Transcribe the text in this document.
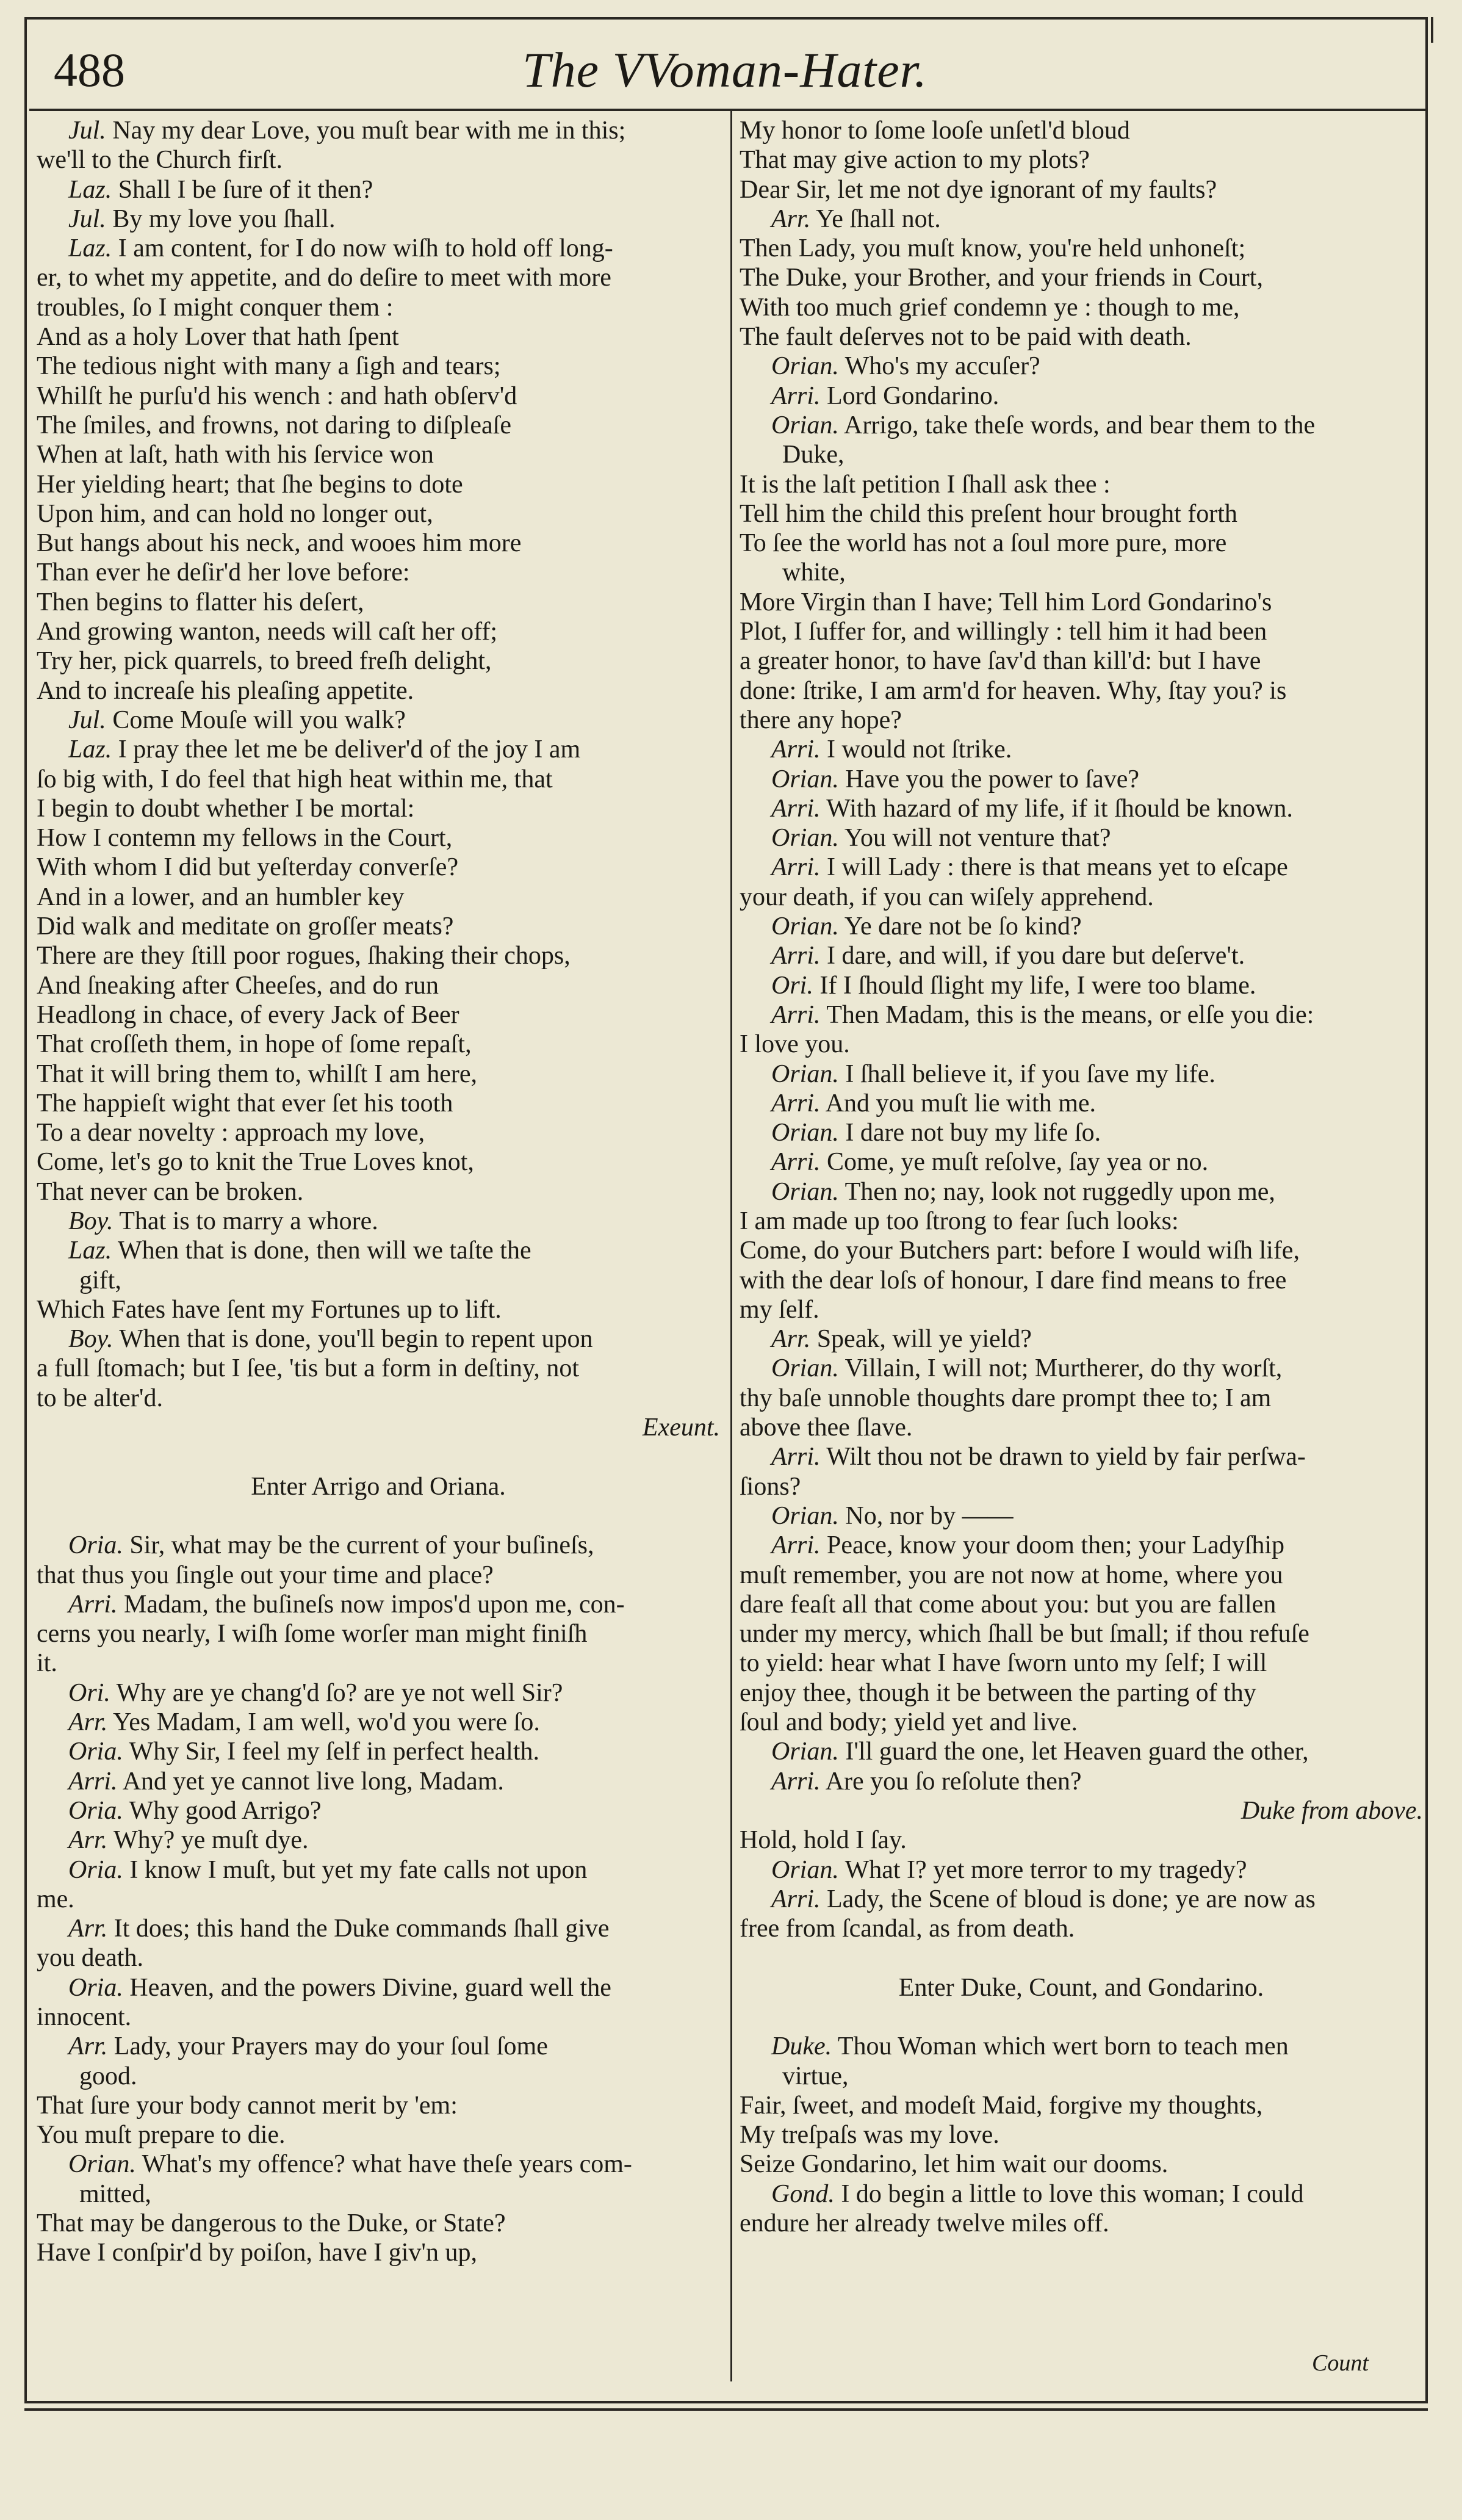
488	The VVoman-Hater.

Jul. Nay my dear Love, you muſt bear with me in this;

we'll to the Church firſt.

Laz. Shall I be ſure of it then?

Jul. By my love you ſhall.

Laz. I am content, for I do now wiſh to hold off long-

er, to whet my appetite, and do deſire to meet with more

troubles, ſo I might conquer them :

And as a holy Lover that hath ſpent

The tedious night with many a ſigh and tears;

Whilſt he purſu'd his wench : and hath obſerv'd

The ſmiles, and frowns, not daring to diſpleaſe

When at laſt, hath with his ſervice won

Her yielding heart; that ſhe begins to dote

Upon him, and can hold no longer out,

But hangs about his neck, and wooes him more

Than ever he deſir'd her love before:

Then begins to flatter his deſert,

And growing wanton, needs will caſt her off;

Try her, pick quarrels, to breed freſh delight,

And to increaſe his pleaſing appetite.

Jul. Come Mouſe will you walk?

Laz. I pray thee let me be deliver'd of the joy I am

ſo big with, I do feel that high heat within me, that

I begin to doubt whether I be mortal:

How I contemn my fellows in the Court,

With whom I did but yeſterday converſe?

And in a lower, and an humbler key

Did walk and meditate on groſſer meats?

There are they ſtill poor rogues, ſhaking their chops,

And ſneaking after Cheeſes, and do run

Headlong in chace, of every Jack of Beer

That croſſeth them, in hope of ſome repaſt,

That it will bring them to, whilſt I am here,

The happieſt wight that ever ſet his tooth

To a dear novelty : approach my love,

Come, let's go to knit the True Loves knot,

That never can be broken.

Boy. That is to marry a whore.

Laz. When that is done, then will we taſte the

gift,

Which Fates have ſent my Fortunes up to lift.

Boy. When that is done, you'll begin to repent upon

a full ſtomach; but I ſee, 'tis but a form in deſtiny, not

to be alter'd.

Exeunt.

Enter Arrigo and Oriana.

Oria. Sir, what may be the current of your buſineſs,

that thus you ſingle out your time and place?

Arri. Madam, the buſineſs now impos'd upon me, con-

cerns you nearly, I wiſh ſome worſer man might finiſh

it.

Ori. Why are ye chang'd ſo? are ye not well Sir?

Arr. Yes Madam, I am well, wo'd you were ſo.

Oria. Why Sir, I feel my ſelf in perfect health.

Arri. And yet ye cannot live long, Madam.

Oria. Why good Arrigo?

Arr. Why? ye muſt dye.

Oria. I know I muſt, but yet my fate calls not upon

me.

Arr. It does; this hand the Duke commands ſhall give

you death.

Oria. Heaven, and the powers Divine, guard well the

innocent.

Arr. Lady, your Prayers may do your ſoul ſome

good.

That ſure your body cannot merit by 'em:

You muſt prepare to die.

Orian. What's my offence? what have theſe years com-

mitted,

That may be dangerous to the Duke, or State?

Have I conſpir'd by poiſon, have I giv'n up,

My honor to ſome looſe unſetl'd bloud

That may give action to my plots?

Dear Sir, let me not dye ignorant of my faults?

Arr. Ye ſhall not.

Then Lady, you muſt know, you're held unhoneſt;

The Duke, your Brother, and your friends in Court,

With too much grief condemn ye : though to me,

The fault deſerves not to be paid with death.

Orian. Who's my accuſer?

Arri. Lord Gondarino.

Orian. Arrigo, take theſe words, and bear them to the

Duke,

It is the laſt petition I ſhall ask thee :

Tell him the child this preſent hour brought forth

To ſee the world has not a ſoul more pure, more

white,

More Virgin than I have; Tell him Lord Gondarino's

Plot, I ſuffer for, and willingly : tell him it had been

a greater honor, to have ſav'd than kill'd: but I have

done: ſtrike, I am arm'd for heaven. Why, ſtay you? is

there any hope?

Arri. I would not ſtrike.

Orian. Have you the power to ſave?

Arri. With hazard of my life, if it ſhould be known.

Orian. You will not venture that?

Arri. I will Lady : there is that means yet to eſcape

your death, if you can wiſely apprehend.

Orian. Ye dare not be ſo kind?

Arri. I dare, and will, if you dare but deſerve't.

Ori. If I ſhould ſlight my life, I were too blame.

Arri. Then Madam, this is the means, or elſe you die:

I love you.

Orian. I ſhall believe it, if you ſave my life.

Arri. And you muſt lie with me.

Orian. I dare not buy my life ſo.

Arri. Come, ye muſt reſolve, ſay yea or no.

Orian. Then no; nay, look not ruggedly upon me,

I am made up too ſtrong to fear ſuch looks:

Come, do your Butchers part: before I would wiſh life,

with the dear loſs of honour, I dare find means to free

my ſelf.

Arr. Speak, will ye yield?

Orian. Villain, I will not; Murtherer, do thy worſt,

thy baſe unnoble thoughts dare prompt thee to; I am

above thee ſlave.

Arri. Wilt thou not be drawn to yield by fair perſwa-

ſions?

Orian. No, nor by ——

Arri. Peace, know your doom then; your Ladyſhip

muſt remember, you are not now at home, where you

dare feaſt all that come about you: but you are fallen

under my mercy, which ſhall be but ſmall; if thou refuſe

to yield: hear what I have ſworn unto my ſelf; I will

enjoy thee, though it be between the parting of thy

ſoul and body; yield yet and live.

Orian. I'll guard the one, let Heaven guard the other,

Arri. Are you ſo reſolute then?

Duke from above.

Hold, hold I ſay.

Orian. What I? yet more terror to my tragedy?

Arri. Lady, the Scene of bloud is done; ye are now as

free from ſcandal, as from death.

Enter Duke, Count, and Gondarino.

Duke. Thou Woman which wert born to teach men

virtue,

Fair, ſweet, and modeſt Maid, forgive my thoughts,

My treſpaſs was my love.

Seize Gondarino, let him wait our dooms.

Gond. I do begin a little to love this woman; I could

endure her already twelve miles off.

Count
